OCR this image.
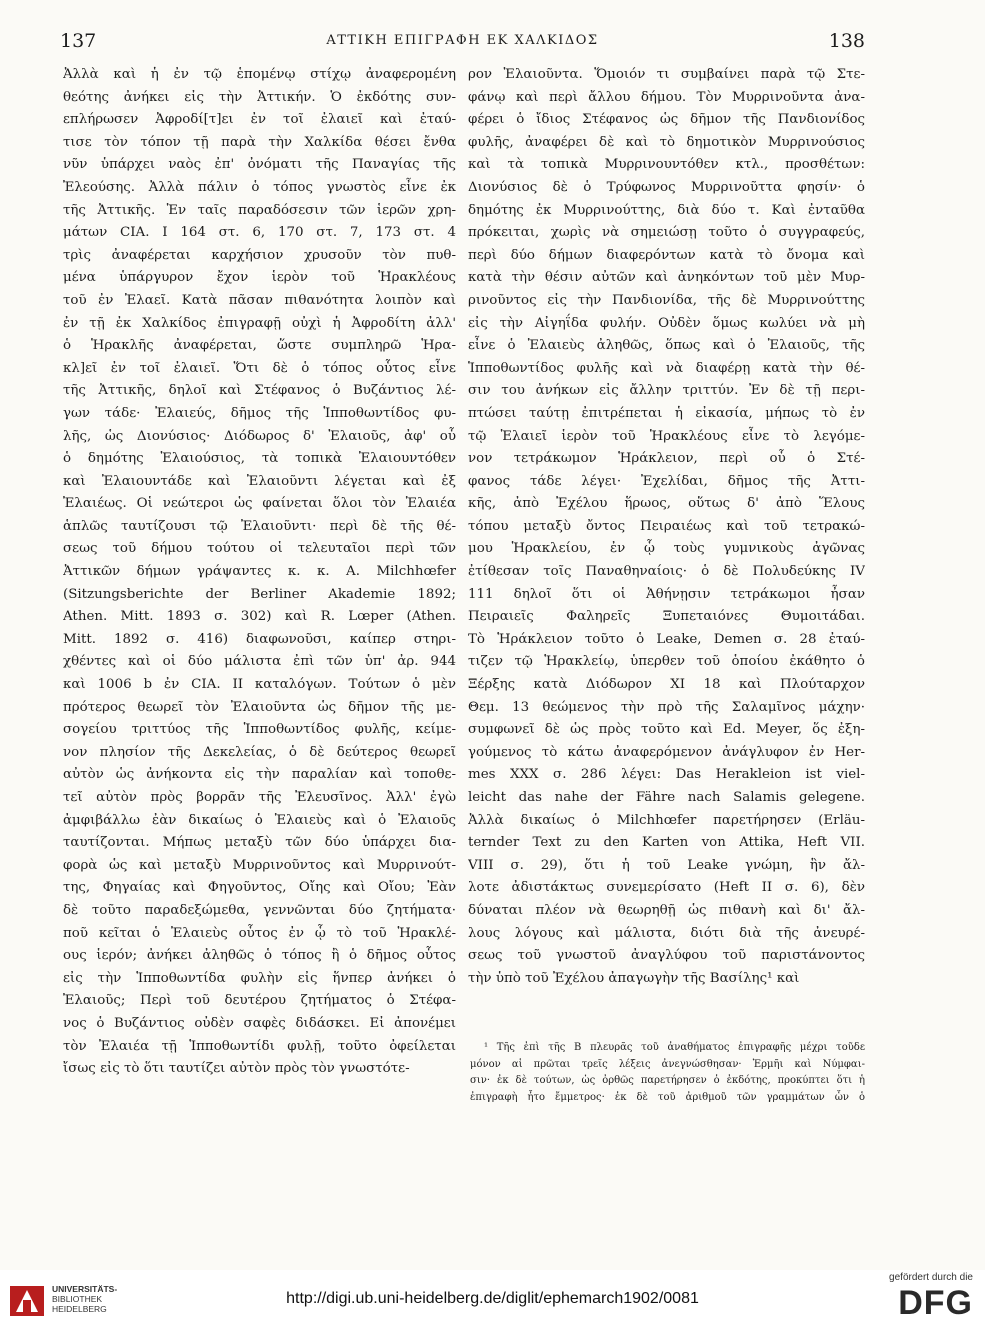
137	ΑΤΤΙΚΗ ΕΠΙΓΡΑΦΗ ΕΚ ΧΑΛΚΙΔΟΣ	138
Ἀλλὰ καὶ ἡ ἐν τῷ ἑπομένῳ στίχῳ ἀναφερομένη
θεότης ἀνήκει εἰς τὴν Ἀττικήν. Ὁ ἐκδότης συν-
επλήρωσεν Ἀφροδί[τ]ει ἐν τοῖ ἐλαιεῖ καὶ ἐταύ-
τισε τὸν τόπον τῇ παρὰ τὴν Χαλκίδα θέσει ἔνθα
νῦν ὑπάρχει ναὸς ἐπ' ὀνόματι τῆς Παναγίας τῆς
Ἐλεούσης. Ἀλλὰ πάλιν ὁ τόπος γνωστὸς εἶνε ἐκ
τῆς Ἀττικῆς. Ἐν ταῖς παραδόσεσιν τῶν ἱερῶν χρη-
μάτων CIA. I 164 στ. 6, 170 στ. 7, 173 στ. 4
τρὶς ἀναφέρεται καρχήσιον χρυσοῦν τὸν πυθ-
μένα ὑπάργυρον ἔχον ἱερὸν τοῦ Ἡρακλέους
τοῦ ἐν Ἐλαεῖ. Κατὰ πᾶσαν πιθανότητα λοιπὸν καὶ
ἐν τῇ ἐκ Χαλκίδος ἐπιγραφῇ οὐχὶ ἡ Ἀφροδίτη ἀλλ'
ὁ Ἡρακλῆς ἀναφέρεται, ὥστε συμπληρῶ Ἡρα-
κλ]εῖ ἐν τοῖ ἐλαιεῖ. Ὅτι δὲ ὁ τόπος οὗτος εἶνε
τῆς Ἀττικῆς, δηλοῖ καὶ Στέφανος ὁ Βυζάντιος λέ-
γων τάδε· Ἐλαιεύς, δῆμος τῆς Ἱπποθωντίδος φυ-
λῆς, ὡς Διονύσιος· Διόδωρος δ' Ἐλαιοῦς, ἀφ' οὗ
ὁ δημότης Ἐλαιούσιος, τὰ τοπικὰ Ἐλαιουντόθεν
καὶ Ἐλαιουντάδε καὶ Ἐλαιοῦντι λέγεται καὶ ἐξ
Ἐλαιέως. Οἱ νεώτεροι ὡς φαίνεται ὅλοι τὸν Ἐλαιέα
ἁπλῶς ταυτίζουσι τῷ Ἐλαιοῦντι· περὶ δὲ τῆς θέ-
σεως τοῦ δήμου τούτου οἱ τελευταῖοι περὶ τῶν
Ἀττικῶν δήμων γράψαντες κ. κ. A. Milchhœfer
(Sitzungsberichte der Berliner Akademie 1892;
Athen. Mitt. 1893 σ. 302) καὶ R. Lœper (Athen.
Mitt. 1892 σ. 416) διαφωνοῦσι, καίπερ στηρι-
χθέντες καὶ οἱ δύο μάλιστα ἐπὶ τῶν ὑπ' ἀρ. 944
καὶ 1006 b ἐν CIA. II καταλόγων. Τούτων ὁ μὲν
πρότερος θεωρεῖ τὸν Ἐλαιοῦντα ὡς δῆμον τῆς με-
σογείου τριττύος τῆς Ἱπποθωντίδος φυλῆς, κείμε-
νον πλησίον τῆς Δεκελείας, ὁ δὲ δεύτερος θεωρεῖ
αὐτὸν ὡς ἀνήκοντα εἰς τὴν παραλίαν καὶ τοποθε-
τεῖ αὐτὸν πρὸς βορρᾶν τῆς Ἐλευσῖνος. Ἀλλ' ἐγὼ
ἀμφιβάλλω ἐὰν δικαίως ὁ Ἐλαιεὺς καὶ ὁ Ἐλαιοῦς
ταυτίζονται. Μήπως μεταξὺ τῶν δύο ὑπάρχει δια-
φορὰ ὡς καὶ μεταξὺ Μυρρινοῦντος καὶ Μυρρινούτ-
της, Φηγαίας καὶ Φηγοῦντος, Οἴης καὶ Οἴου; Ἐὰν
δὲ τοῦτο παραδεξώμεθα, γεννῶνται δύο ζητήματα·
ποῦ κεῖται ὁ Ἐλαιεὺς οὗτος ἐν ᾧ τὸ τοῦ Ἡρακλέ-
ους ἱερόν; ἀνήκει ἀληθῶς ὁ τόπος ἢ ὁ δῆμος οὗτος
εἰς τὴν Ἱπποθωντίδα φυλὴν εἰς ἥνπερ ἀνήκει ὁ
Ἐλαιοῦς; Περὶ τοῦ δευτέρου ζητήματος ὁ Στέφα-
νος ὁ Βυζάντιος οὐδὲν σαφὲς διδάσκει. Εἰ ἀπονέμει
τὸν Ἐλαιέα τῇ Ἱπποθωντίδι φυλῇ, τοῦτο ὀφείλεται
ἴσως εἰς τὸ ὅτι ταυτίζει αὐτὸν πρὸς τὸν γνωστότε-
ρον Ἐλαιοῦντα. Ὅμοιόν τι συμβαίνει παρὰ τῷ Στε-
φάνῳ καὶ περὶ ἄλλου δήμου. Τὸν Μυρρινοῦντα ἀνα-
φέρει ὁ ἴδιος Στέφανος ὡς δῆμον τῆς Πανδιονίδος
φυλῆς, ἀναφέρει δὲ καὶ τὸ δημοτικὸν Μυρρινούσιος
καὶ τὰ τοπικὰ Μυρρινουντόθεν κτλ., προσθέτων:
Διονύσιος δὲ ὁ Τρύφωνος Μυρρινοῦττα φησίν· ὁ
δημότης ἐκ Μυρρινούττης, διὰ δύο τ. Καὶ ἐνταῦθα
πρόκειται, χωρὶς νὰ σημειώσῃ τοῦτο ὁ συγγραφεύς,
περὶ δύο δήμων διαφερόντων κατὰ τὸ ὄνομα καὶ
κατὰ τὴν θέσιν αὐτῶν καὶ ἀνηκόντων τοῦ μὲν Μυρ-
ρινοῦντος εἰς τὴν Πανδιονίδα, τῆς δὲ Μυρρινούττης
εἰς τὴν Αἰγηΐδα φυλήν. Οὐδὲν ὅμως κωλύει νὰ μὴ
εἶνε ὁ Ἐλαιεὺς ἀληθῶς, ὅπως καὶ ὁ Ἐλαιοῦς, τῆς
Ἱπποθωντίδος φυλῆς καὶ νὰ διαφέρῃ κατὰ τὴν θέ-
σιν του ἀνήκων εἰς ἄλλην τριττύν. Ἐν δὲ τῇ περι-
πτώσει ταύτῃ ἐπιτρέπεται ἡ εἰκασία, μήπως τὸ ἐν
τῷ Ἐλαιεῖ ἱερὸν τοῦ Ἡρακλέους εἶνε τὸ λεγόμε-
νον τετράκωμον Ἡράκλειον, περὶ οὗ ὁ Στέ-
φανος τάδε λέγει· Ἐχελίδαι, δῆμος τῆς Ἀττι-
κῆς, ἀπὸ Ἐχέλου ἥρωος, οὕτως δ' ἀπὸ Ἕλους
τόπου μεταξὺ ὄντος Πειραιέως καὶ τοῦ τετρακώ-
μου Ἡρακλείου, ἐν ᾧ τοὺς γυμνικοὺς ἀγῶνας
ἐτίθεσαν τοῖς Παναθηναίοις· ὁ δὲ Πολυδεύκης IV
111 δηλοῖ ὅτι οἱ Ἀθήνῃσιν τετράκωμοι ἦσαν
Πειραιεῖς Φαληρεῖς Ξυπεταιόνες Θυμοιτάδαι.
Τὸ Ἡράκλειον τοῦτο ὁ Leake, Demen σ. 28 ἐταύ-
τιζεν τῷ Ἡρακλείῳ, ὑπερθεν τοῦ ὁποίου ἐκάθητο ὁ
Ξέρξης κατὰ Διόδωρον XI 18 καὶ Πλούταρχον
Θεμ. 13 θεώμενος τὴν πρὸ τῆς Σαλαμῖνος μάχην·
συμφωνεῖ δὲ ὡς πρὸς τοῦτο καὶ Ed. Meyer, ὅς ἐξη-
γούμενος τὸ κάτω ἀναφερόμενον ἀνάγλυφον ἐν Her-
mes XXX σ. 286 λέγει: Das Herakleion ist viel-
leicht das nahe der Fähre nach Salamis gelegene.
Ἀλλὰ δικαίως ὁ Milchhœfer παρετήρησεν (Erläu-
ternder Text zu den Karten von Attika, Heft VII.
VIII σ. 29), ὅτι ἡ τοῦ Leake γνώμη, ἣν ἄλ-
λοτε ἀδιστάκτως συνεμερίσατο (Heft II σ. 6), δὲν
δύναται πλέον νὰ θεωρηθῇ ὡς πιθανὴ καὶ δι' ἄλ-
λους λόγους καὶ μάλιστα, διότι διὰ τῆς ἀνευρέ-
σεως τοῦ γνωστοῦ ἀναγλύφου τοῦ παριστάνοντος
τὴν ὑπὸ τοῦ Ἐχέλου ἀπαγωγὴν τῆς Βασίλης¹ καὶ
¹ Τῆς ἐπὶ τῆς B πλευρᾶς τοῦ ἀναθήματος ἐπιγραφῆς μέχρι τοῦδε
μόνον αἱ πρῶται τρεῖς λέξεις ἀνεγνώσθησαν· Ἑρμῆι καὶ Νύμφαι-
σιν· ἐκ δὲ τούτων, ὡς ὀρθῶς παρετήρησεν ὁ ἐκδότης, προκύπτει ὅτι ἡ
ἐπιγραφὴ ἦτο ἔμμετρος· ἐκ δὲ τοῦ ἀριθμοῦ τῶν γραμμάτων ὧν ὁ
UNIVERSITÄTS-
BIBLIOTHEK
HEIDELBERG
http://digi.ub.uni-heidelberg.de/diglit/ephemarch1902/0081
gefördert durch die
DFG
